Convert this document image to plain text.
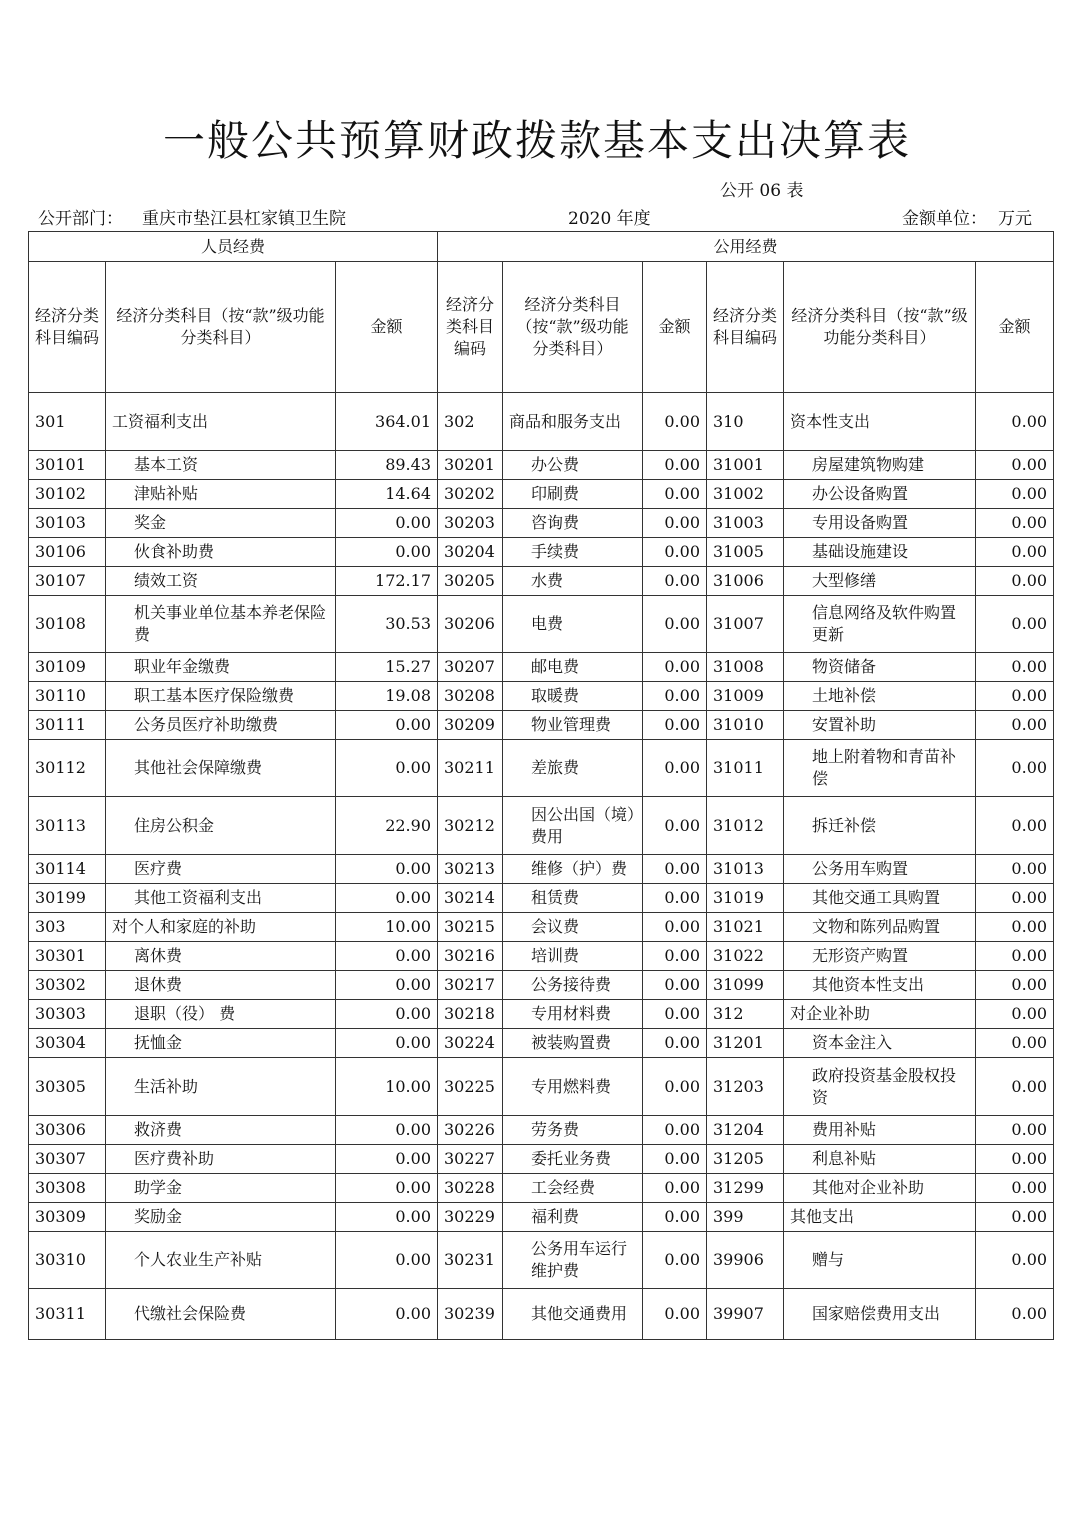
一般公共预算财政拨款基本支出决算表
公开 06 表
公开部门： 重庆市垫江县杠家镇卫生院	2020 年度	金额单位： 万元
人员经费			公用经费					
经济分类科目编码	经济分类科目（按“款”级功能分类科目）	金额	经济分类科目编码	经济分类科目（按“款”级功能分类科目）	金额	经济分类科目编码	经济分类科目（按“款”级功能分类科目）	金额
301	工资福利支出	364.01	302	商品和服务支出	0.00	310	资本性支出	0.00
30101	基本工资	89.43	30201	办公费	0.00	31001	房屋建筑物购建	0.00
30102	津贴补贴	14.64	30202	印刷费	0.00	31002	办公设备购置	0.00
30103	奖金	0.00	30203	咨询费	0.00	31003	专用设备购置	0.00
30106	伙食补助费	0.00	30204	手续费	0.00	31005	基础设施建设	0.00
30107	绩效工资	172.17	30205	水费	0.00	31006	大型修缮	0.00
30108	机关事业单位基本养老保险费	30.53	30206	电费	0.00	31007	信息网络及软件购置更新	0.00
30109	职业年金缴费	15.27	30207	邮电费	0.00	31008	物资储备	0.00
30110	职工基本医疗保险缴费	19.08	30208	取暖费	0.00	31009	土地补偿	0.00
30111	公务员医疗补助缴费	0.00	30209	物业管理费	0.00	31010	安置补助	0.00
30112	其他社会保障缴费	0.00	30211	差旅费	0.00	31011	地上附着物和青苗补偿	0.00
30113	住房公积金	22.90	30212	因公出国（境）费用	0.00	31012	拆迁补偿	0.00
30114	医疗费	0.00	30213	维修（护）费	0.00	31013	公务用车购置	0.00
30199	其他工资福利支出	0.00	30214	租赁费	0.00	31019	其他交通工具购置	0.00
303	对个人和家庭的补助	10.00	30215	会议费	0.00	31021	文物和陈列品购置	0.00
30301	离休费	0.00	30216	培训费	0.00	31022	无形资产购置	0.00
30302	退休费	0.00	30217	公务接待费	0.00	31099	其他资本性支出	0.00
30303	退职（役） 费	0.00	30218	专用材料费	0.00	312	对企业补助	0.00
30304	抚恤金	0.00	30224	被装购置费	0.00	31201	资本金注入	0.00
30305	生活补助	10.00	30225	专用燃料费	0.00	31203	政府投资基金股权投资	0.00
30306	救济费	0.00	30226	劳务费	0.00	31204	费用补贴	0.00
30307	医疗费补助	0.00	30227	委托业务费	0.00	31205	利息补贴	0.00
30308	助学金	0.00	30228	工会经费	0.00	31299	其他对企业补助	0.00
30309	奖励金	0.00	30229	福利费	0.00	399	其他支出	0.00
30310	个人农业生产补贴	0.00	30231	公务用车运行维护费	0.00	39906	赠与	0.00
30311	代缴社会保险费	0.00	30239	其他交通费用	0.00	39907	国家赔偿费用支出	0.00
